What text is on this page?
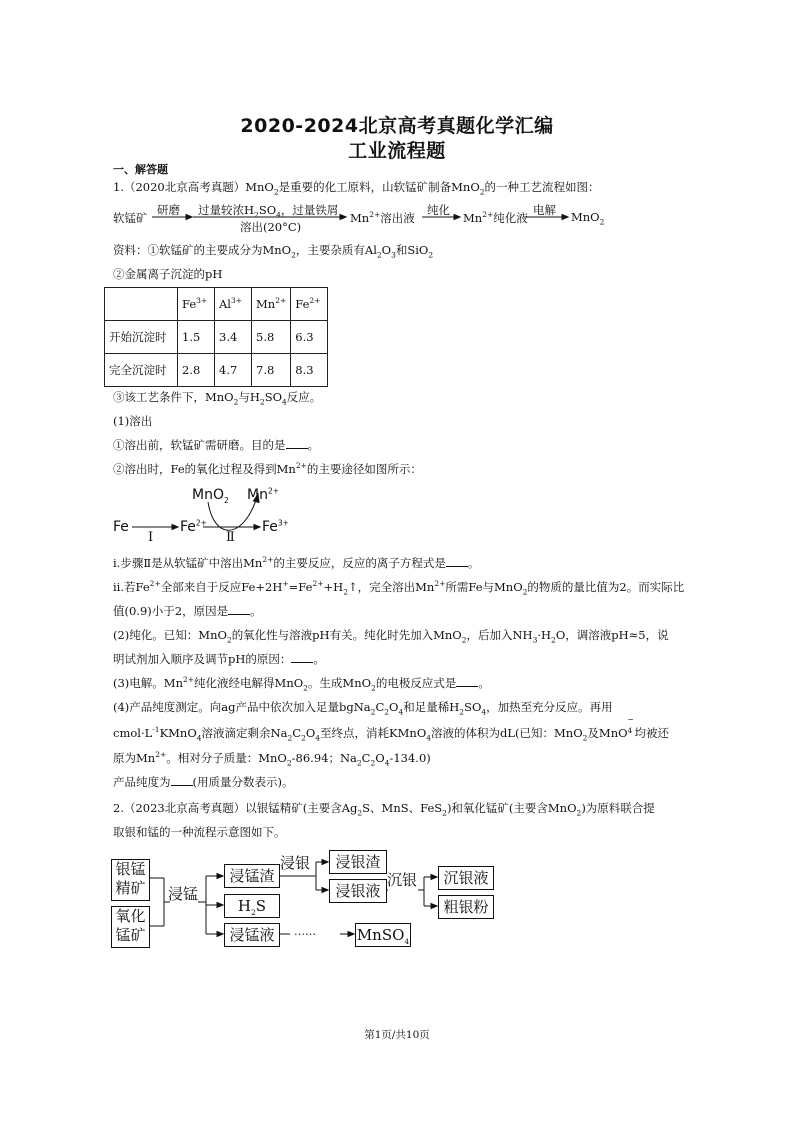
2020-2024北京高考真题化学汇编
工业流程题
一、解答题
1.（2020北京高考真题）MnO$_2$是重要的化工原料，山软锰矿制备MnO$_2$的一种工艺流程如图：
软锰矿
研磨 过量较浓$H_2SO_4$，过量铁屑
溶出(20°C)
$Mn^{2+}$溶出液
纯化
$Mn^{2+}$纯化液
电解 MnO$_2$
资料：①软锰矿的主要成分为MnO$_2$，主要杂质有$Al_2O_3$和SiO$_2$
②金属离子沉淀的pH
	$Fe^{3+}$	$Al^{3+}$	$Mn^{2+}$	$Fe^{2+}$
开始沉淀时	1.5	3.4	5.8	6.3
完全沉淀时	2.8	4.7	7.8	8.3
③该工艺条件下，MnO$_2$与$H_2SO_4$反应。
(1)溶出
①溶出前，软锰矿需研磨。目的是 。
②溶出时，Fe的氧化过程及得到$Mn^{2+}$的主要途径如图所示：
Fe	$Fe^{2+}$	$Fe^{3+}$
MnO$_2$ $Mn^{2+}$
Ⅰ	Ⅱ
i.步骤Ⅱ是从软锰矿中溶出$Mn^{2+}$的主要反应，反应的离子方程式是 。
ii.若$Fe^{2+}$全部来自于反应$Fe+2H^+=Fe^{2+}+H_2↑$，完全溶出$Mn^{2+}$所需Fe与MnO$_2$的物质的量比值为2。而实际比
值(0.9)小于2，原因是 。
(2)纯化。已知：MnO$_2$的氧化性与溶液pH有关。纯化时先加入MnO$_2$，后加入$NH_3\cdot H_2O$，调溶液pH≈5，说
明试剂加入顺序及调节pH的原因： 。
(3)电解。$Mn^{2+}$纯化液经电解得MnO$_2$。生成MnO$_2$的电极反应式是 。
(4)产品纯度测定。向ag产品中依次加入足量$bgNa_2C_2O_4$和足量稀$H_2SO_4$，加热至充分反应。再用
$cmol\cdot L^{-1}KMnO_4$溶液滴定剩余$Na_2C_2O_4$至终点，消耗KMnO$_4$溶液的体积为dL(已知：MnO$_2$及MnO
−
4 均被还
原为$Mn^{2+}$。相对分子质量：MnO$_2$-86.94；$Na_2C_2O_4-134.0$)
产品纯度为 (用质量分数表示)。
2.（2023北京高考真题）以银锰精矿(主要含$Ag_2S$、MnS、FeS$_2$)和氧化锰矿(主要含MnO$_2$)为原料联合提
取银和锰的一种流程示意图如下。
银锰
精矿
氧化
锰矿
浸锰
浸锰渣
$H_2S$
浸锰液
浸银	浸银渣
浸银液
沉银	沉银液
粗银粉
……	MnSO$_4$
第1页/共10页
